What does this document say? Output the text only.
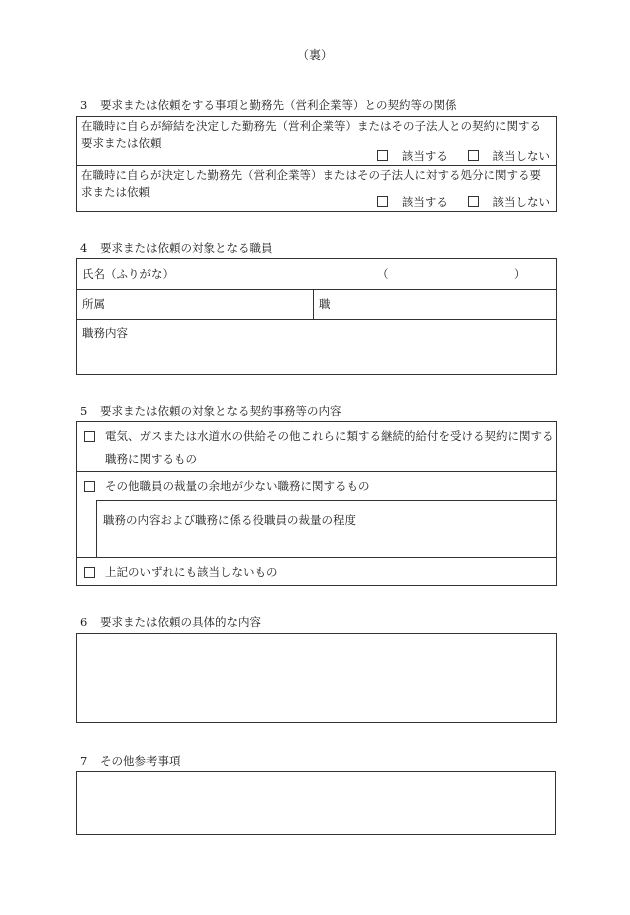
（裏）
3 要求または依頼をする事項と勤務先（営利企業等）との契約等の関係
在職時に自らが締結を決定した勤務先（営利企業等）またはその子法人との契約に関する要求または依頼
該当する	該当しない
在職時に自らが決定した勤務先（営利企業等）またはその子法人に対する処分に関する要求または依頼
該当する	該当しない
4 要求または依頼の対象となる職員
氏名（ふりがな）	（	）
所属	職
職務内容
5 要求または依頼の対象となる契約事務等の内容
電気、ガスまたは水道水の供給その他これらに類する継続的給付を受ける契約に関する
職務に関するもの
その他職員の裁量の余地が少ない職務に関するもの
職務の内容および職務に係る役職員の裁量の程度
上記のいずれにも該当しないもの
6 要求または依頼の具体的な内容
7 その他参考事項
